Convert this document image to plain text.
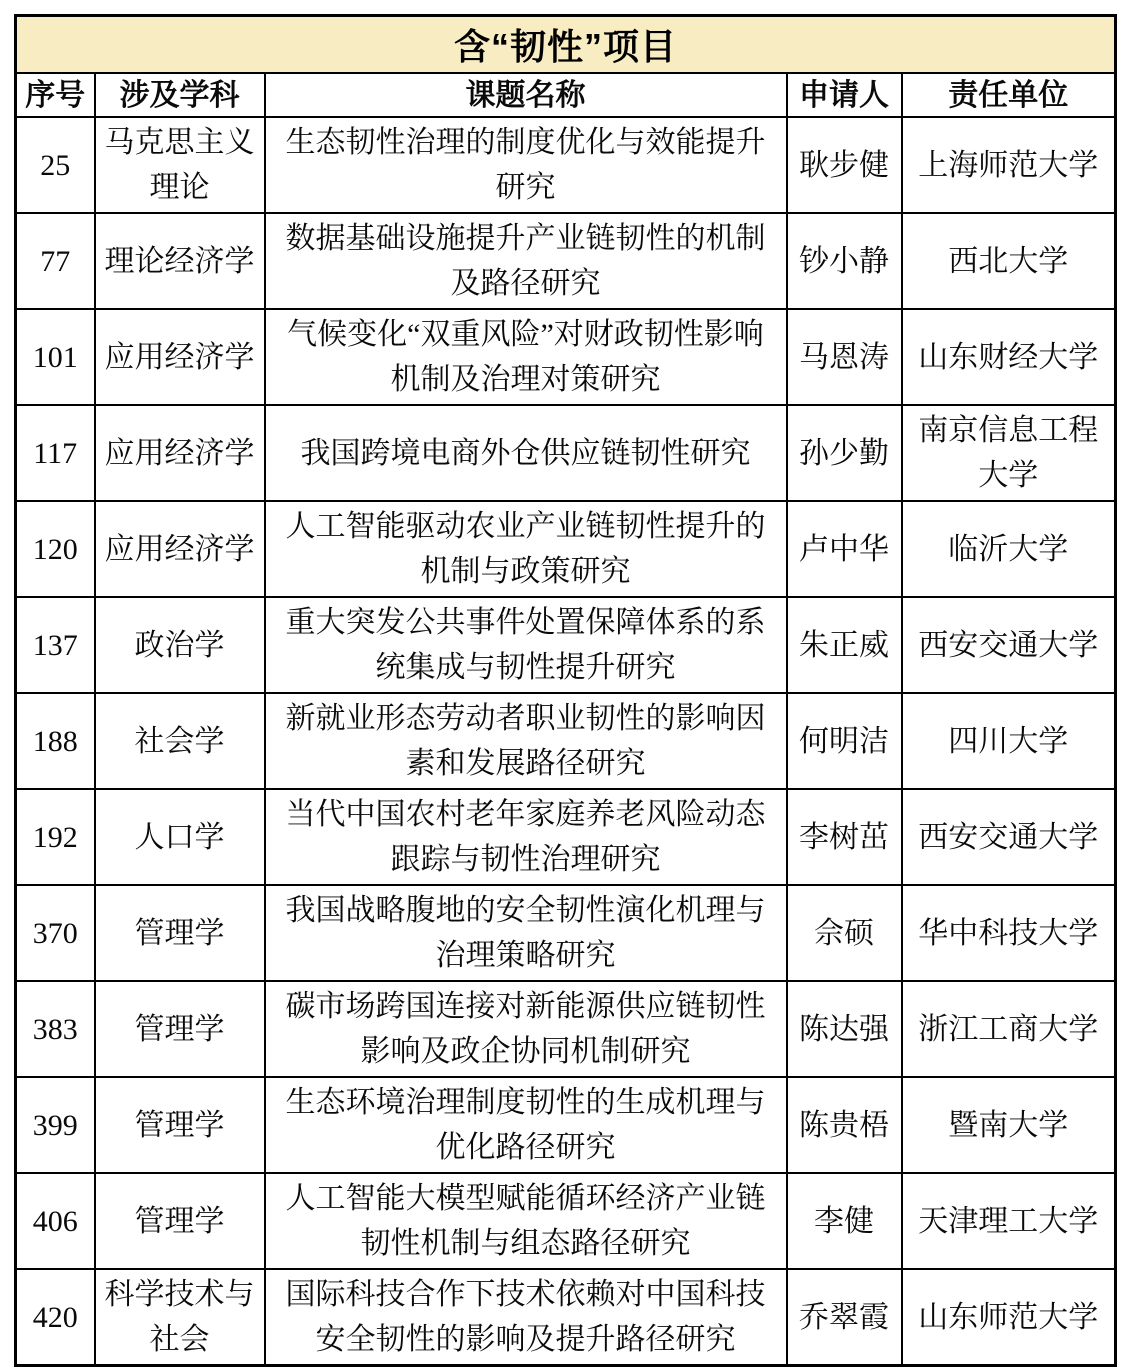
含“韧性”项目				
序号	涉及学科	课题名称	申请人	责任单位
25	马克思主义理论	生态韧性治理的制度优化与效能提升研究	耿步健	上海师范大学
77	理论经济学	数据基础设施提升产业链韧性的机制及路径研究	钞小静	西北大学
101	应用经济学	气候变化“双重风险”对财政韧性影响机制及治理对策研究	马恩涛	山东财经大学
117	应用经济学	我国跨境电商外仓供应链韧性研究	孙少勤	南京信息工程大学
120	应用经济学	人工智能驱动农业产业链韧性提升的机制与政策研究	卢中华	临沂大学
137	政治学	重大突发公共事件处置保障体系的系统集成与韧性提升研究	朱正威	西安交通大学
188	社会学	新就业形态劳动者职业韧性的影响因素和发展路径研究	何明洁	四川大学
192	人口学	当代中国农村老年家庭养老风险动态跟踪与韧性治理研究	李树茁	西安交通大学
370	管理学	我国战略腹地的安全韧性演化机理与治理策略研究	佘硕	华中科技大学
383	管理学	碳市场跨国连接对新能源供应链韧性影响及政企协同机制研究	陈达强	浙江工商大学
399	管理学	生态环境治理制度韧性的生成机理与优化路径研究	陈贵梧	暨南大学
406	管理学	人工智能大模型赋能循环经济产业链韧性机制与组态路径研究	李健	天津理工大学
420	科学技术与社会	国际科技合作下技术依赖对中国科技安全韧性的影响及提升路径研究	乔翠霞	山东师范大学
